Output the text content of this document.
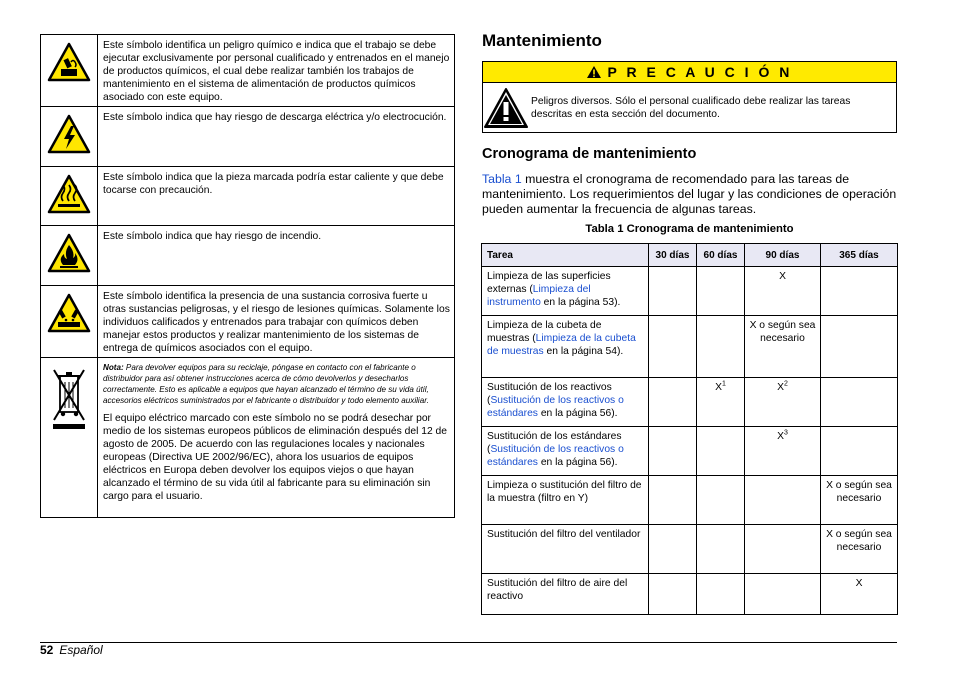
	Este símbolo identifica un peligro químico e indica que el trabajo se debe ejecutar exclusivamente por personal cualificado y entrenados en el manejo de productos químicos, el cual debe realizar también los trabajos de mantenimiento en el sistema de alimentación de productos químicos asociado con este equipo.

	Este símbolo indica que hay riesgo de descarga eléctrica y/o electrocución.

	Este símbolo indica que la pieza marcada podría estar caliente y que debe tocarse con precaución.

	Este símbolo indica que hay riesgo de incendio.

	Este símbolo identifica la presencia de una sustancia corrosiva fuerte u otras sustancias peligrosas, y el riesgo de lesiones químicas. Solamente los individuos calificados y entrenados para trabajar con químicos deben manejar estos productos y realizar mantenimiento de los sistemas de entrega de químicos asociados con el equipo.

Nota: Para devolver equipos para su reciclaje, póngase en contacto con el fabricante o distribuidor para así obtener instrucciones acerca de cómo devolverlos y desecharlos correctamente. Esto es aplicable a equipos que hayan alcanzado el término de su vida útil, accesorios eléctricos suministrados por el fabricante o distribuidor y todo elemento auxiliar.
El equipo eléctrico marcado con este símbolo no se podrá desechar por medio de los sistemas europeos públicos de eliminación después del 12 de agosto de 2005. De acuerdo con las regulaciones locales y nacionales europeas (Directiva UE 2002/96/EC), ahora los usuarios de equipos eléctricos en Europa deben devolver los equipos viejos o que hayan alcanzado el término de su vida útil al fabricante para su eliminación sin cargo para el usuario.
Mantenimiento
P R E C A U C I Ó N
Peligros diversos. Sólo el personal cualificado debe realizar las tareas descritas en esta sección del documento.
Cronograma de mantenimiento
Tabla 1 muestra el cronograma de recomendado para las tareas de mantenimiento. Los requerimientos del lugar y las condiciones de operación pueden aumentar la frecuencia de algunas tareas.
Tabla 1 Cronograma de mantenimiento
Tarea	30 días	60 días	90 días	365 días
Limpieza de las superficies externas (Limpieza del instrumento en la página 53).			X	
Limpieza de la cubeta de muestras (Limpieza de la cubeta de muestras en la página 54).			X o según sea necesario	
Sustitución de los reactivos (Sustitución de los reactivos o estándares en la página 56).		$X^1$	$X^2$	
Sustitución de los estándares (Sustitución de los reactivos o estándares en la página 56).			$X^3$	
Limpieza o sustitución del filtro de la muestra (filtro en Y)				X o según sea necesario
Sustitución del filtro del ventilador				X o según sea necesario
Sustitución del filtro de aire del reactivo				X
52 Español
